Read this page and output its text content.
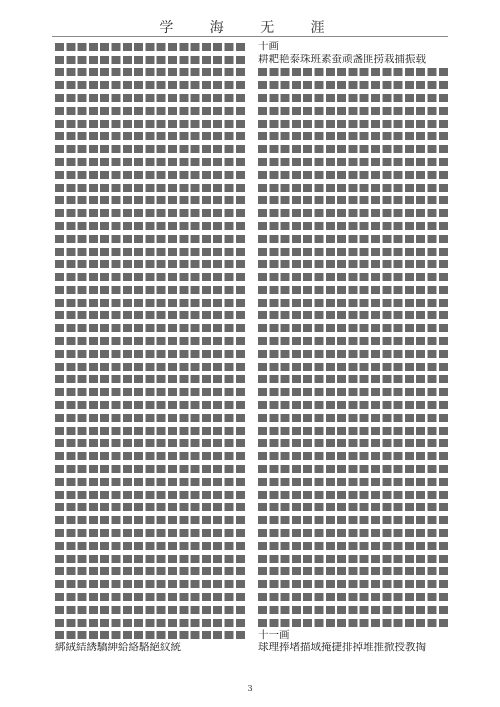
学 海 无 涯
綁絨結綉驕紳給絡駱絕紋統
十画
耕耙艳泰珠班素蚕顽盏匪捞栽捕振载
十一画
球理捧堵描域掩捷排掉堆推掀授教掏
3
